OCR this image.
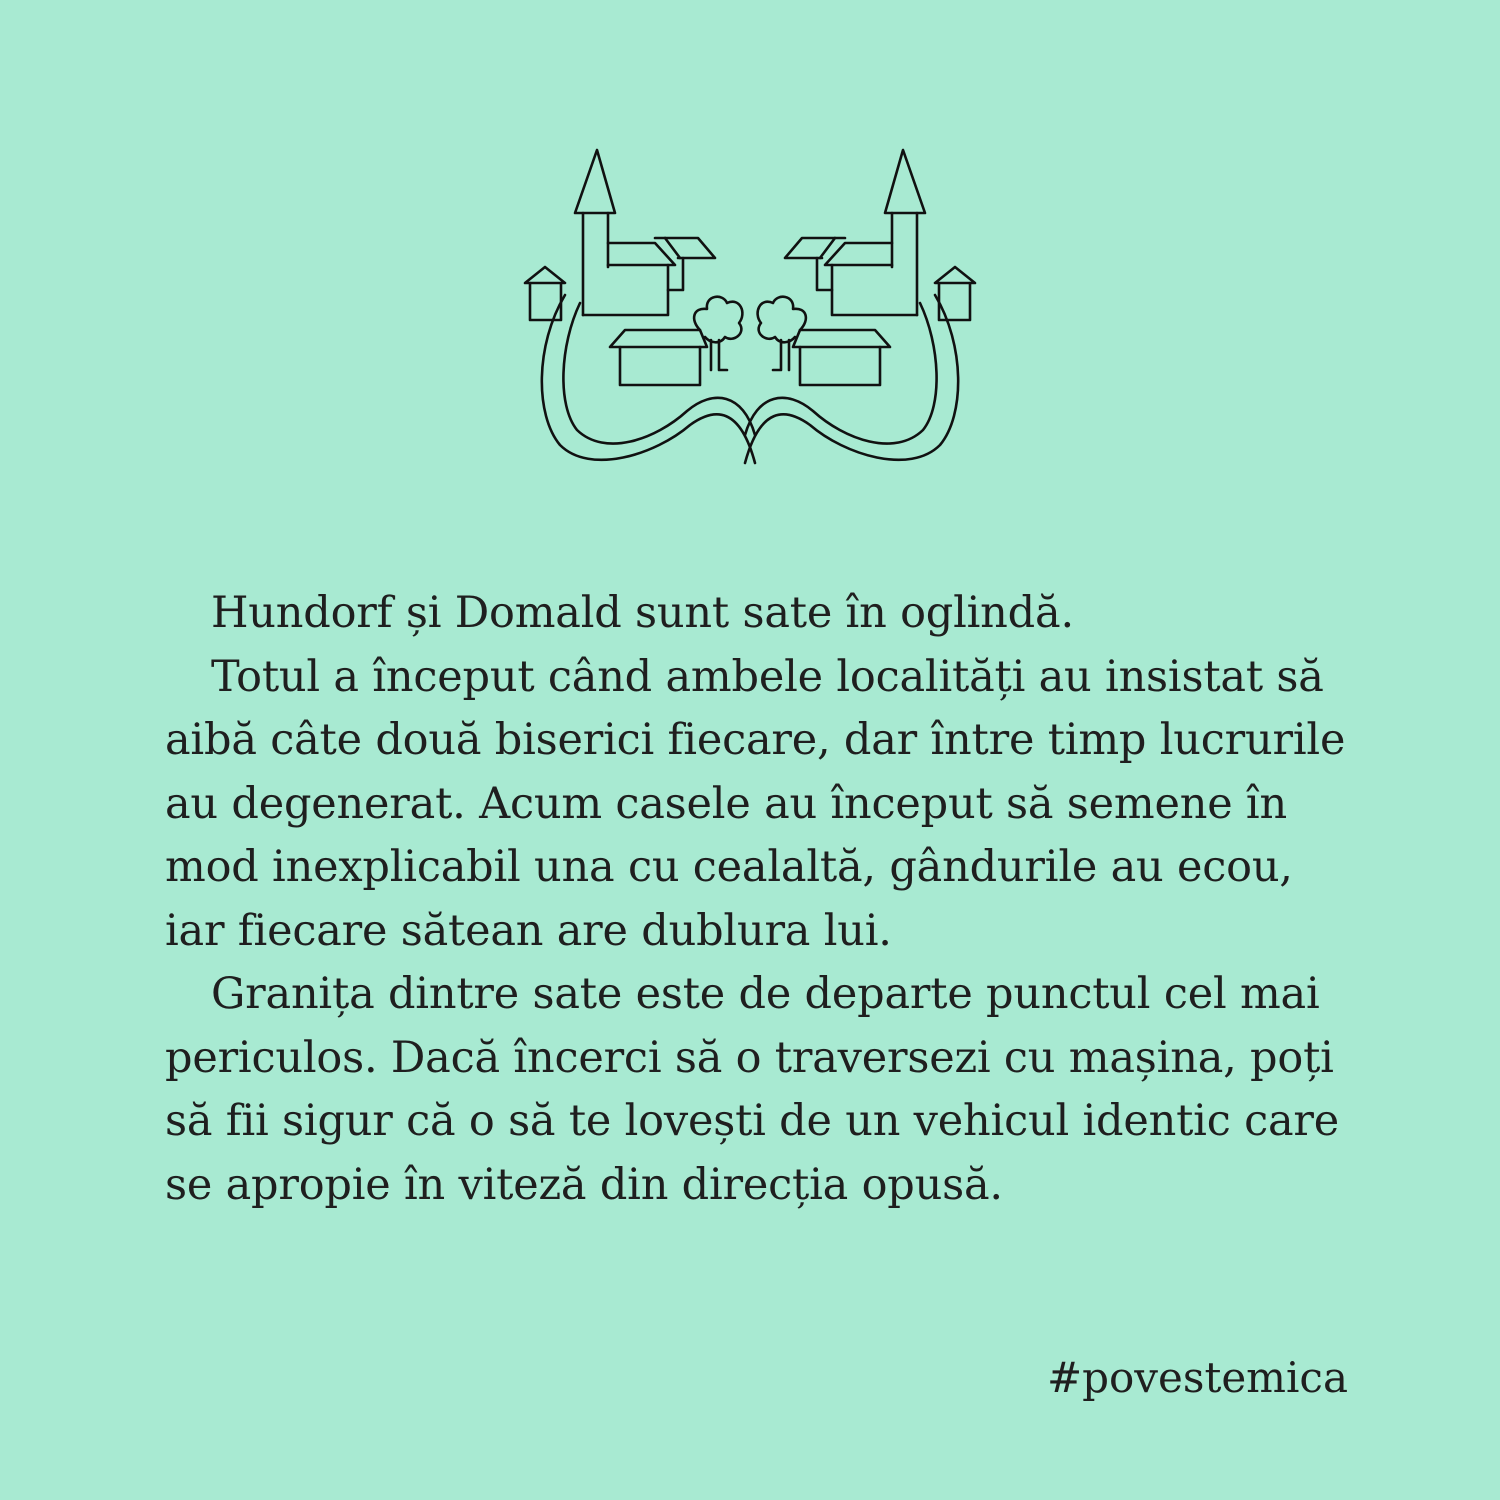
Hundorf și Domald sunt sate în oglindă.

Totul a început când ambele localități au insistat să aibă câte două biserici fiecare, dar între timp lucrurile au degenerat. Acum casele au început să semene în mod inexplicabil una cu cealaltă, gândurile au ecou, iar fiecare sătean are dublura lui.

Granița dintre sate este de departe punctul cel mai periculos. Dacă încerci să o traversezi cu mașina, poți să fii sigur că o să te lovești de un vehicul identic care se apropie în viteză din direcția opusă.

#povestemica
